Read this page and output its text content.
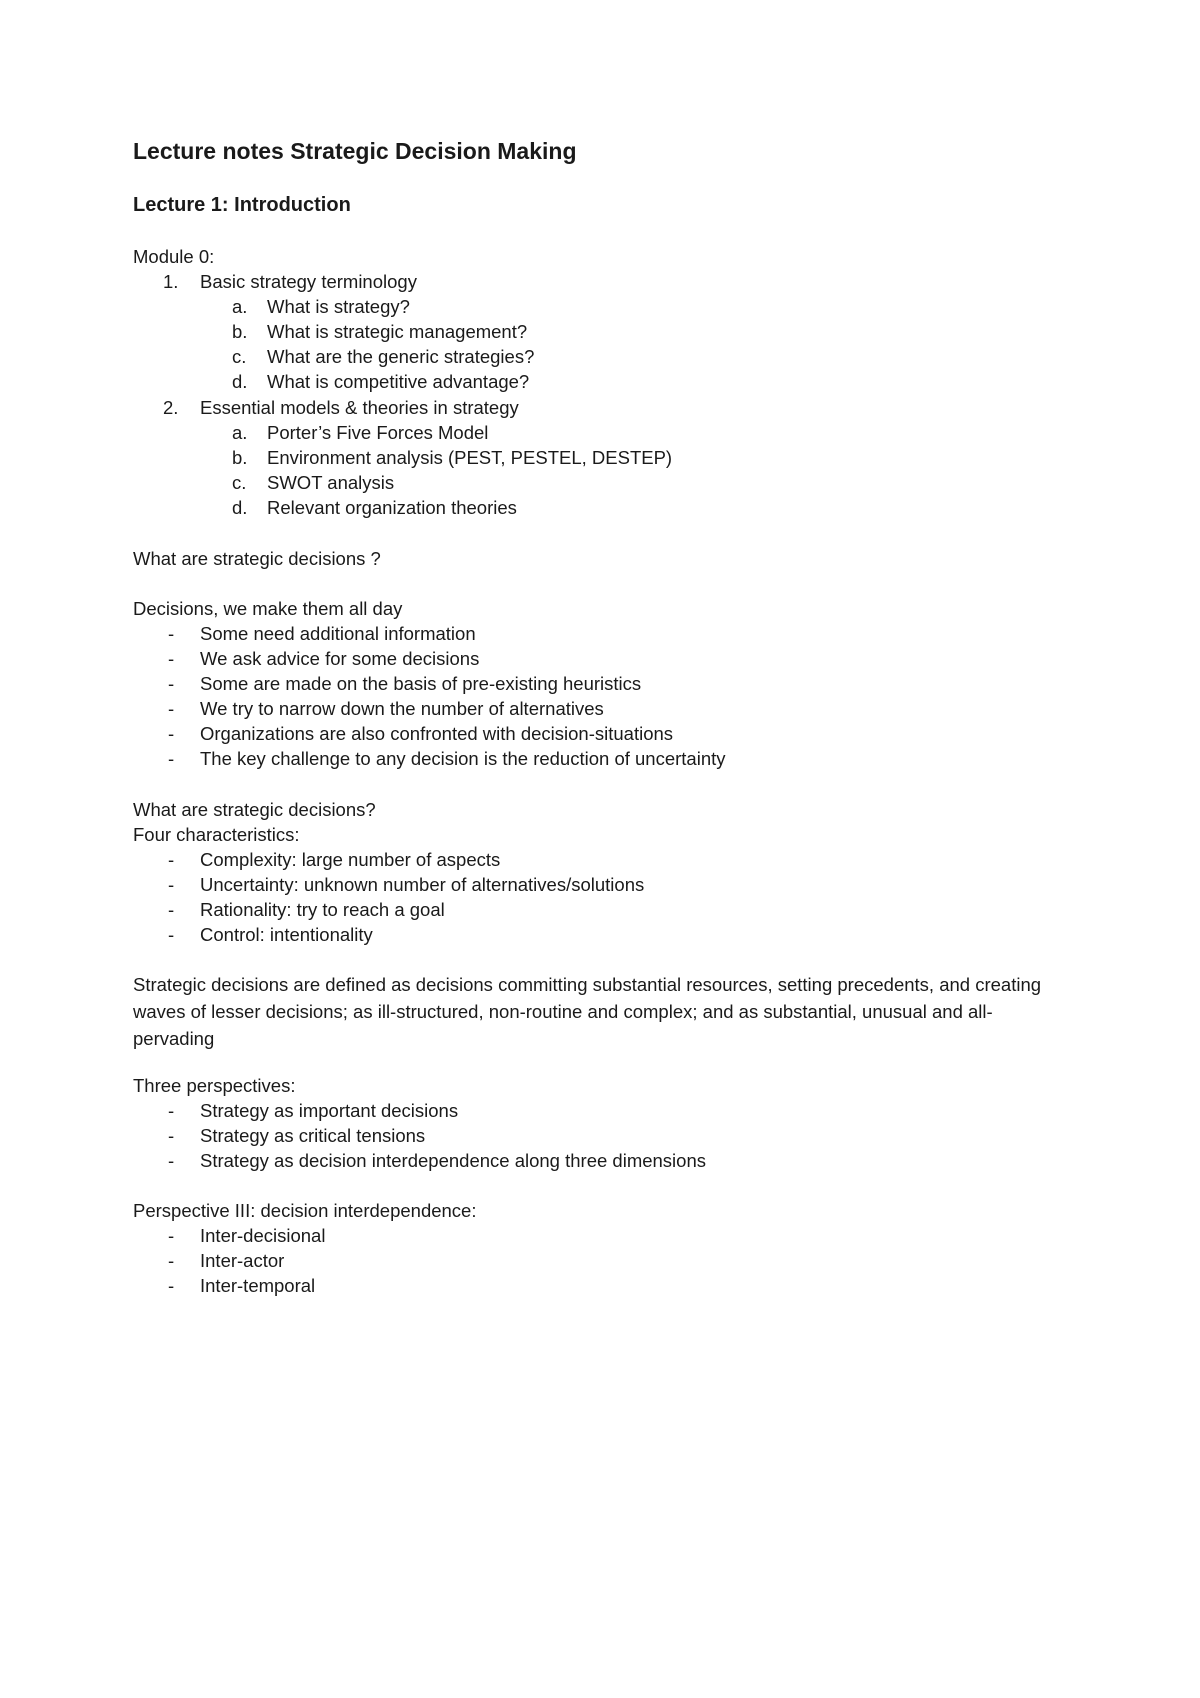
Lecture notes Strategic Decision Making
Lecture 1: Introduction
Module 0:
1. Basic strategy terminology
a. What is strategy?
b. What is strategic management?
c. What are the generic strategies?
d. What is competitive advantage?
2. Essential models & theories in strategy
a. Porter’s Five Forces Model
b. Environment analysis (PEST, PESTEL, DESTEP)
c. SWOT analysis
d. Relevant organization theories
What are strategic decisions ?
Decisions, we make them all day
- Some need additional information
- We ask advice for some decisions
- Some are made on the basis of pre-existing heuristics
- We try to narrow down the number of alternatives
- Organizations are also confronted with decision-situations
- The key challenge to any decision is the reduction of uncertainty
What are strategic decisions?
Four characteristics:
- Complexity: large number of aspects
- Uncertainty: unknown number of alternatives/solutions
- Rationality: try to reach a goal
- Control: intentionality
Strategic decisions are defined as decisions committing substantial resources, setting precedents, and creating waves of lesser decisions; as ill-structured, non-routine and complex; and as substantial, unusual and all-pervading
Three perspectives:
- Strategy as important decisions
- Strategy as critical tensions
- Strategy as decision interdependence along three dimensions
Perspective III: decision interdependence:
- Inter-decisional
- Inter-actor
- Inter-temporal
